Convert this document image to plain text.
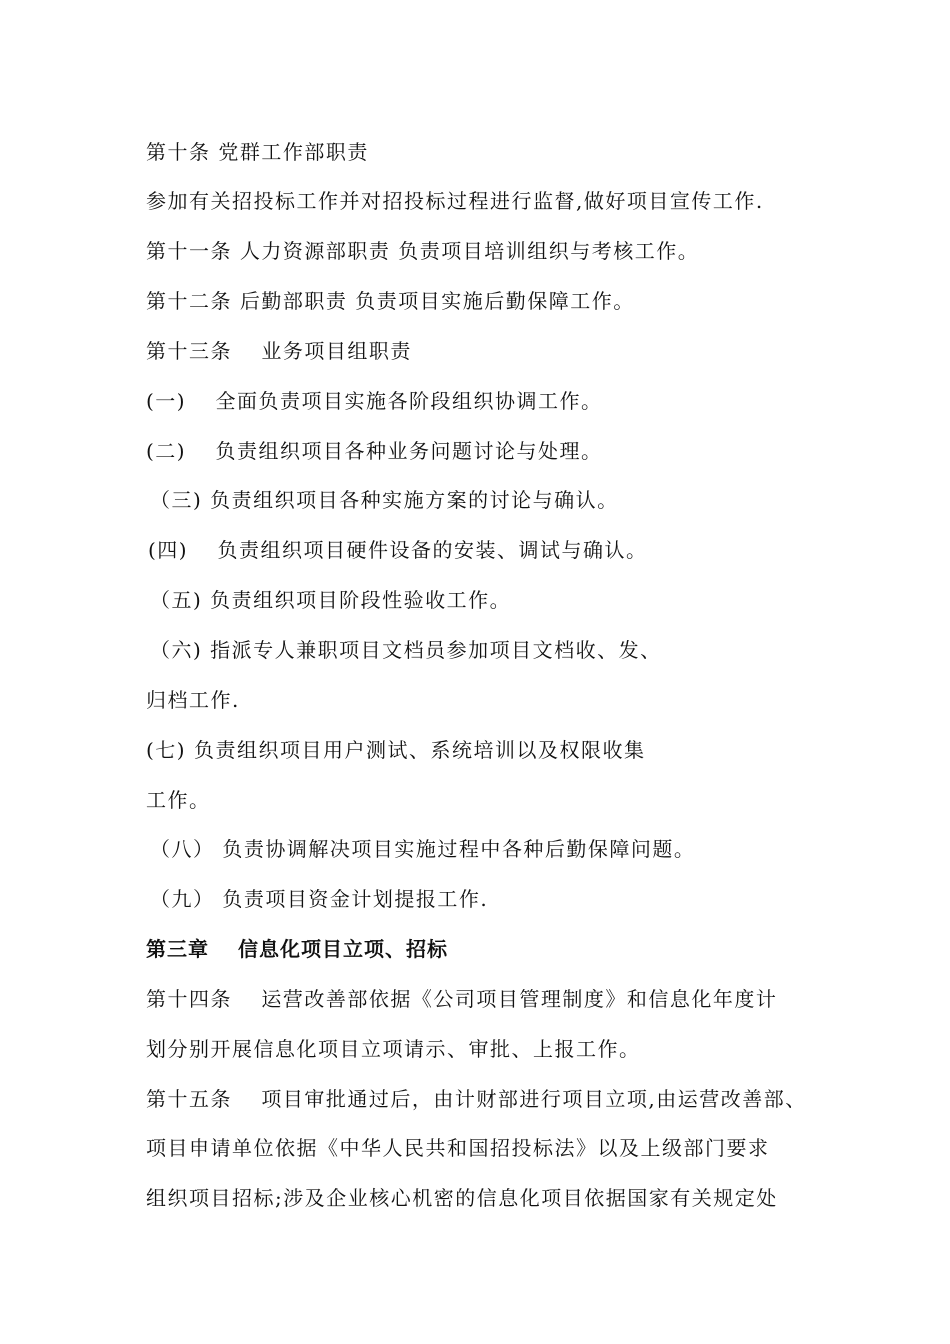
第十条 党群工作部职责
参加有关招投标工作并对招投标过程进行监督,做好项目宣传工作.
第十一条 人力资源部职责 负责项目培训组织与考核工作。
第十二条 后勤部职责 负责项目实施后勤保障工作。
第十三条　 业务项目组职责
(一)　 全面负责项目实施各阶段组织协调工作。
(二)　 负责组织项目各种业务问题讨论与处理。
（三) 负责组织项目各种实施方案的讨论与确认。
(四)　 负责组织项目硬件设备的安装、调试与确认。
（五) 负责组织项目阶段性验收工作。
（六) 指派专人兼职项目文档员参加项目文档收、发、
归档工作.
(七) 负责组织项目用户测试、系统培训以及权限收集
工作。
（八） 负责协调解决项目实施过程中各种后勤保障问题。
（九） 负责项目资金计划提报工作.
第三章　 信息化项目立项、招标
第十四条　 运营改善部依据《公司项目管理制度》和信息化年度计
划分别开展信息化项目立项请示、审批、上报工作。
第十五条　 项目审批通过后，由计财部进行项目立项,由运营改善部、
项目申请单位依据《中华人民共和国招投标法》以及上级部门要求
组织项目招标;涉及企业核心机密的信息化项目依据国家有关规定处
